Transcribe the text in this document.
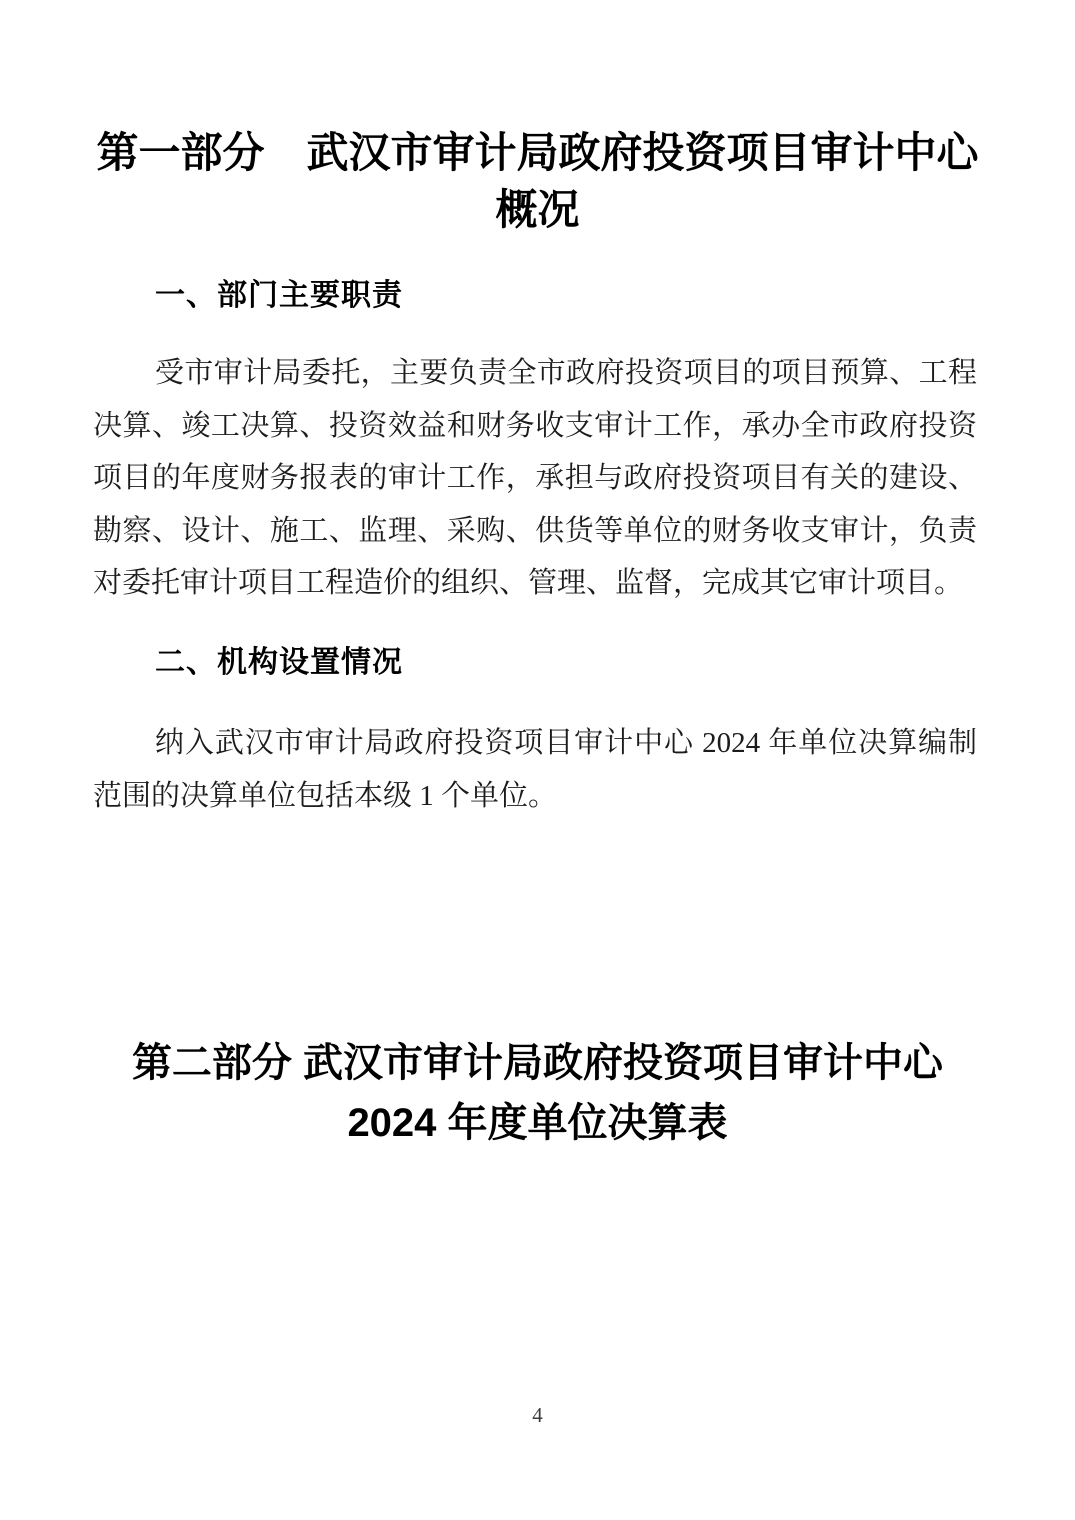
第一部分　武汉市审计局政府投资项目审计中心
概况
一、部门主要职责
受市审计局委托，主要负责全市政府投资项目的项目预算、工程
决算、竣工决算、投资效益和财务收支审计工作，承办全市政府投资
项目的年度财务报表的审计工作，承担与政府投资项目有关的建设、
勘察、设计、施工、监理、采购、供货等单位的财务收支审计，负责
对委托审计项目工程造价的组织、管理、监督，完成其它审计项目。
二、机构设置情况
纳入武汉市审计局政府投资项目审计中心 2024 年单位决算编制
范围的决算单位包括本级 1 个单位。
第二部分 武汉市审计局政府投资项目审计中心
2024 年度单位决算表
4
